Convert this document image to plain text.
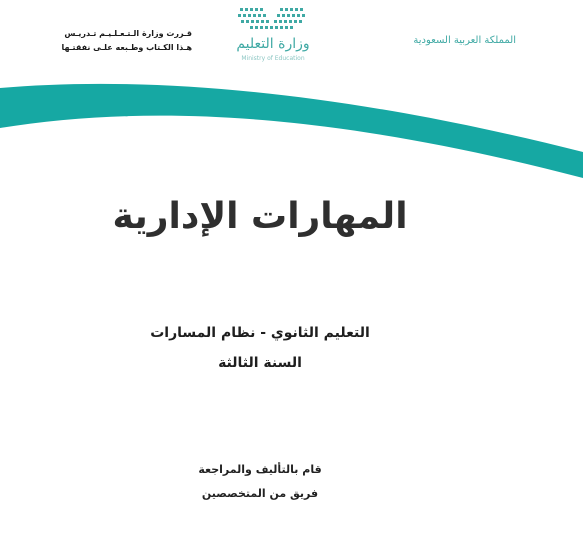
المملكة العربية السعودية
وزارة التعليم
Ministry of Education
قـررت وزارة الـتـعـلـيـم تـدريـس
هـذا الكـتاب وطـبعه علـى نفقتـها
المهارات الإدارية
التعليم الثانوي - نظام المسارات
السنة الثالثة
قام بالتأليف والمراجعة
فريق من المتخصصين
